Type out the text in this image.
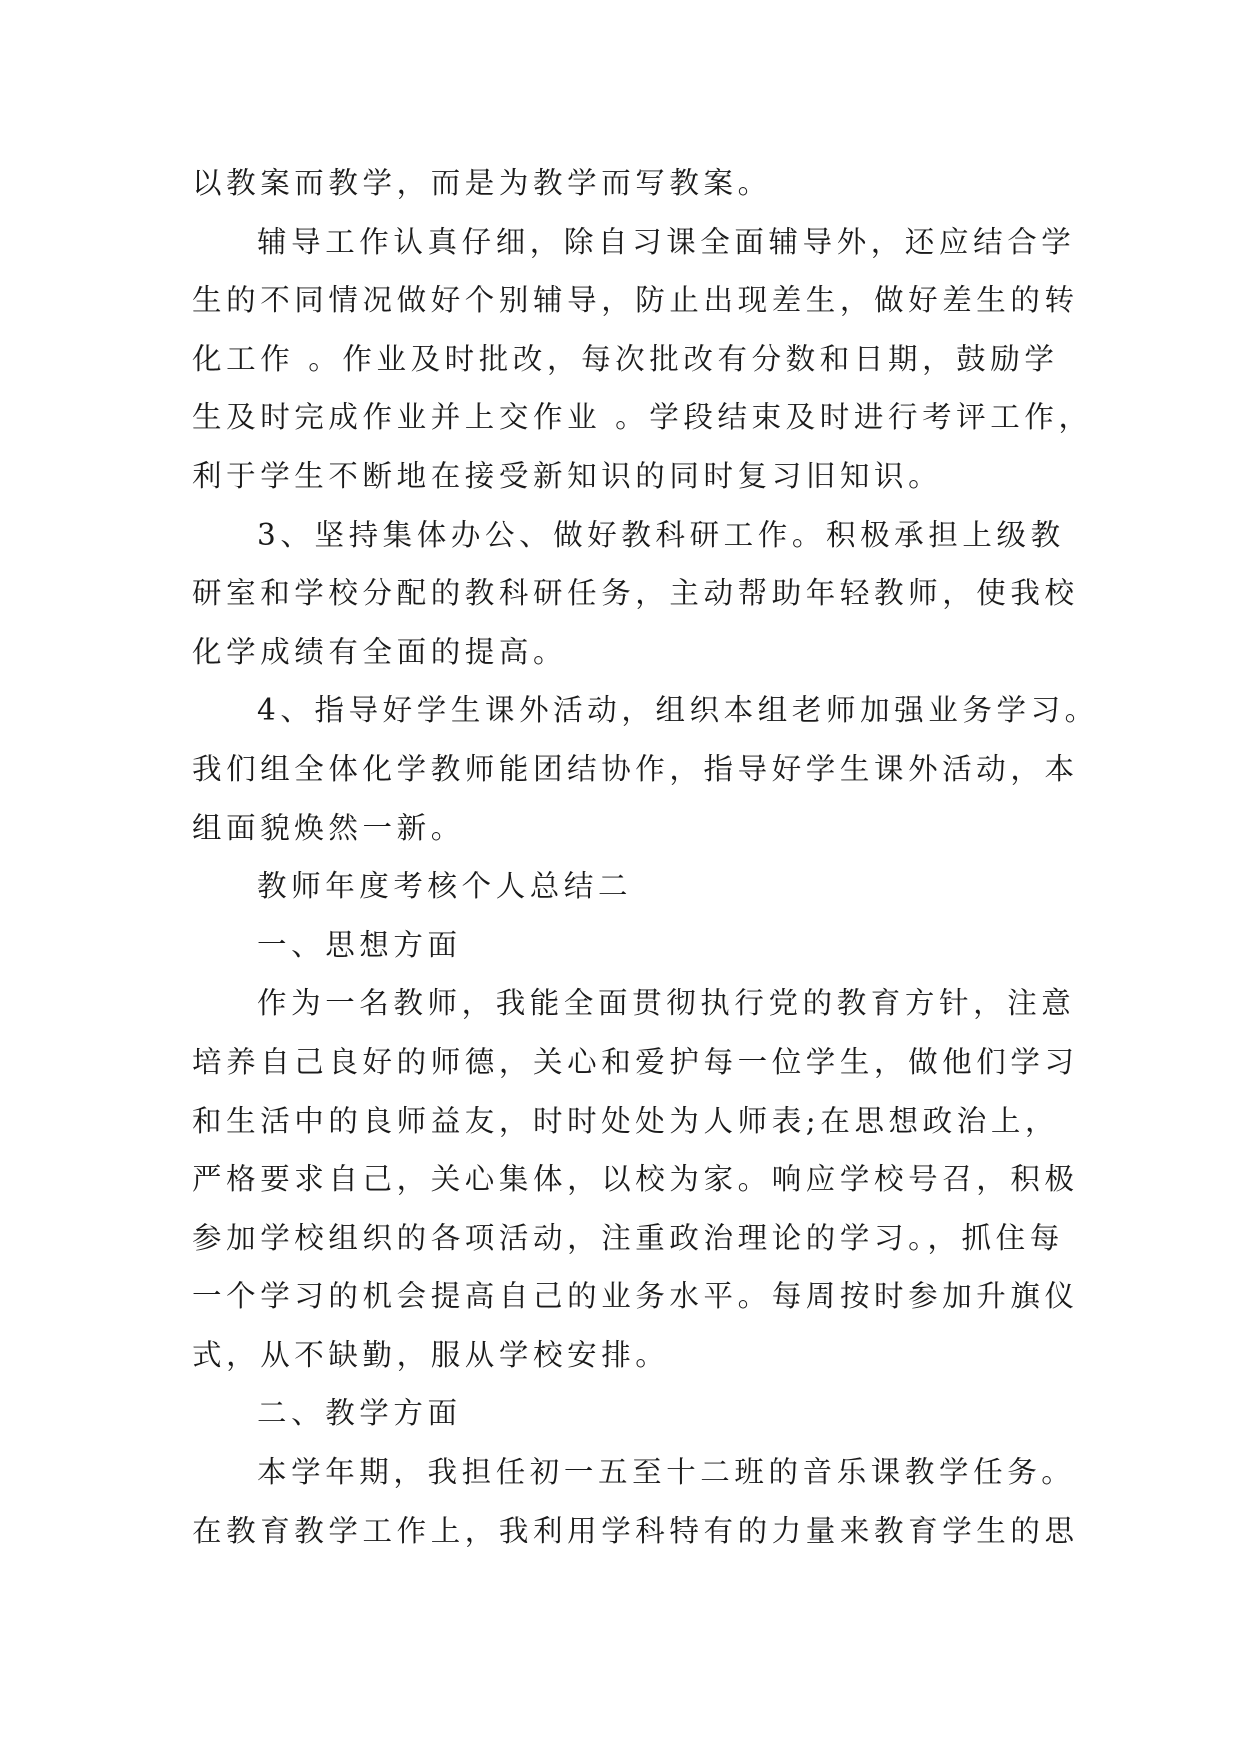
以教案而教学，而是为教学而写教案。
辅导工作认真仔细，除自习课全面辅导外，还应结合学
生的不同情况做好个别辅导，防止出现差生，做好差生的转
化工作 。作业及时批改，每次批改有分数和日期，鼓励学
生及时完成作业并上交作业 。学段结束及时进行考评工作，
利于学生不断地在接受新知识的同时复习旧知识。
3、坚持集体办公、做好教科研工作。积极承担上级教
研室和学校分配的教科研任务，主动帮助年轻教师，使我校
化学成绩有全面的提高。
4、指导好学生课外活动，组织本组老师加强业务学习。
我们组全体化学教师能团结协作，指导好学生课外活动，本
组面貌焕然一新。
教师年度考核个人总结二
一、思想方面
作为一名教师，我能全面贯彻执行党的教育方针，注意
培养自己良好的师德，关心和爱护每一位学生，做他们学习
和生活中的良师益友，时时处处为人师表;在思想政治上，
严格要求自己，关心集体，以校为家。响应学校号召，积极
参加学校组织的各项活动，注重政治理论的学习。，抓住每
一个学习的机会提高自己的业务水平。每周按时参加升旗仪
式，从不缺勤，服从学校安排。
二、教学方面
本学年期，我担任初一五至十二班的音乐课教学任务。
在教育教学工作上，我利用学科特有的力量来教育学生的思
